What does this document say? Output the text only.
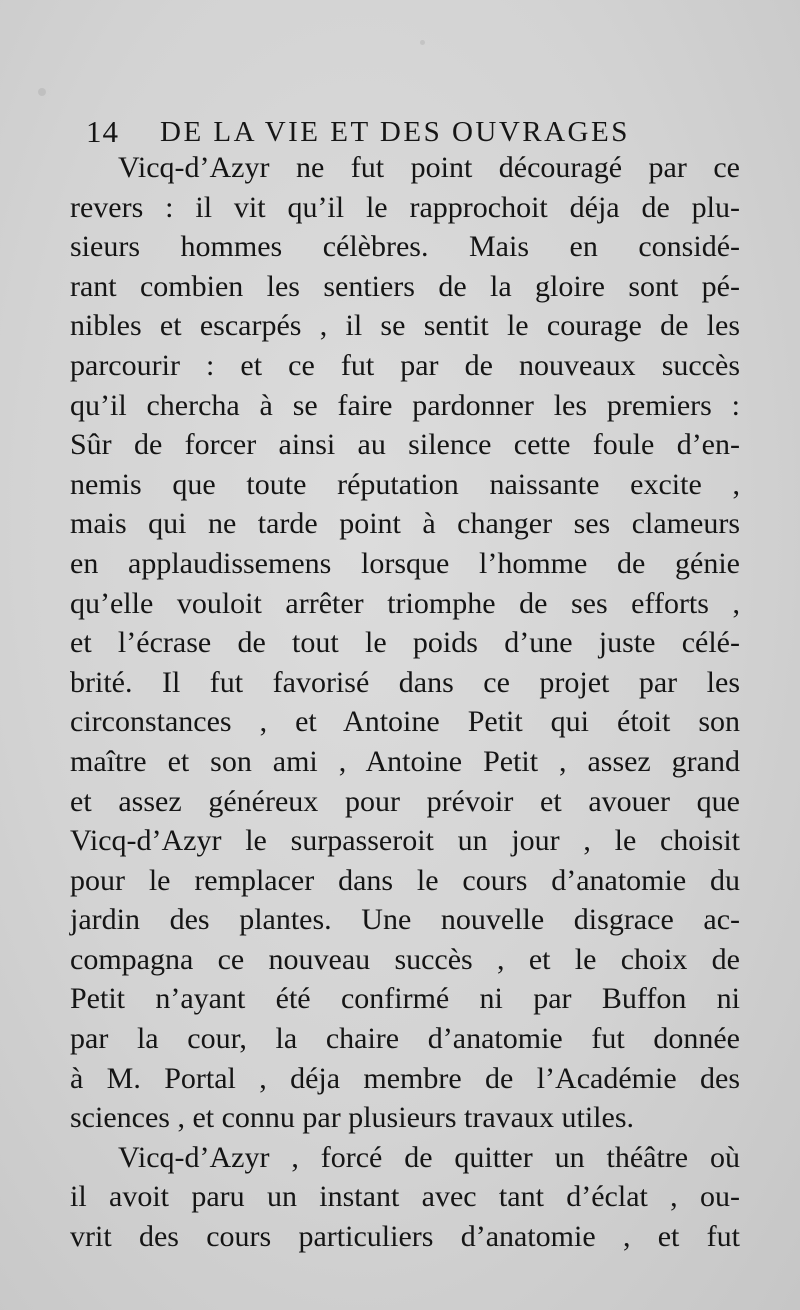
14 DE LA VIE ET DES OUVRAGES
Vicq-d’Azyr ne fut point découragé par ce
revers : il vit qu’il le rapprochoit déja de plu-
sieurs hommes célèbres. Mais en considé-
rant combien les sentiers de la gloire sont pé-
nibles et escarpés , il se sentit le courage de les
parcourir : et ce fut par de nouveaux succès
qu’il chercha à se faire pardonner les premiers :
Sûr de forcer ainsi au silence cette foule d’en-
nemis que toute réputation naissante excite ,
mais qui ne tarde point à changer ses clameurs
en applaudissemens lorsque l’homme de génie
qu’elle vouloit arrêter triomphe de ses efforts ,
et l’écrase de tout le poids d’une juste célé-
brité. Il fut favorisé dans ce projet par les
circonstances , et Antoine Petit qui étoit son
maître et son ami , Antoine Petit , assez grand
et assez généreux pour prévoir et avouer que
Vicq-d’Azyr le surpasseroit un jour , le choisit
pour le remplacer dans le cours d’anatomie du
jardin des plantes. Une nouvelle disgrace ac-
compagna ce nouveau succès , et le choix de
Petit n’ayant été confirmé ni par Buffon ni
par la cour, la chaire d’anatomie fut donnée
à M. Portal , déja membre de l’Académie des
sciences , et connu par plusieurs travaux utiles.
Vicq-d’Azyr , forcé de quitter un théâtre où
il avoit paru un instant avec tant d’éclat , ou-
vrit des cours particuliers d’anatomie , et fut
